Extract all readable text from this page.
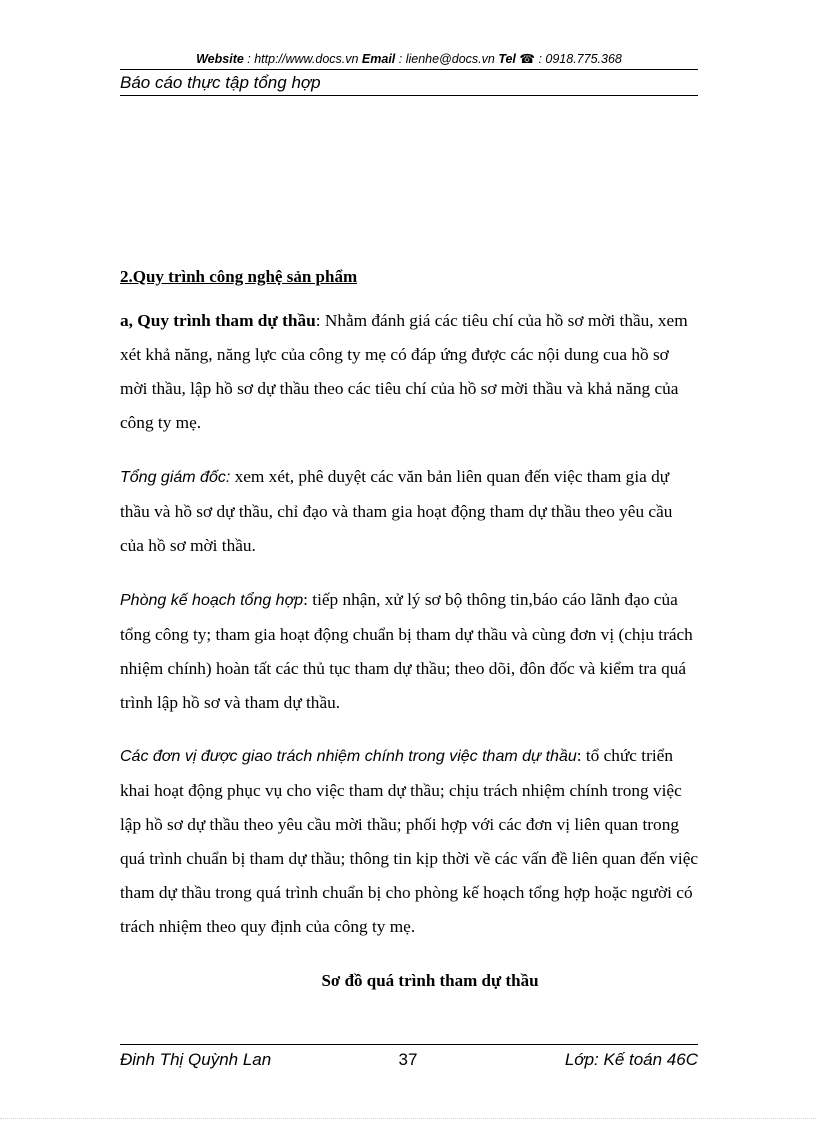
Website : http://www.docs.vn Email : lienhe@docs.vn Tel ☎ : 0918.775.368
Báo cáo thực tập tổng hợp
2.Quy trình công nghệ sản phẩm

a, Quy trình tham dự thầu: Nhằm đánh giá các tiêu chí của hồ sơ mời thầu, xem xét khả năng, năng lực của công ty mẹ có đáp ứng được các nội dung cua hồ sơ mời thầu, lập hồ sơ dự thầu theo các tiêu chí của hồ sơ mời thầu và khả năng của công ty mẹ.

Tổng giám đốc: xem xét, phê duyệt các văn bản liên quan đến việc tham gia dự thầu và hồ sơ dự thầu, chỉ đạo và tham gia hoạt động tham dự thầu theo yêu cầu của hồ sơ mời thầu.

Phòng kế hoạch tổng hợp: tiếp nhận, xử lý sơ bộ thông tin,báo cáo lãnh đạo của tổng công ty; tham gia hoạt động chuẩn bị tham dự thầu và cùng đơn vị (chịu trách nhiệm chính) hoàn tất các thủ tục tham dự thầu; theo dõi, đôn đốc và kiểm tra quá trình lập hồ sơ và tham dự thầu.

Các đơn vị được giao trách nhiệm chính trong việc tham dự thầu: tổ chức triển khai hoạt động phục vụ cho việc tham dự thầu; chịu trách nhiệm chính trong việc lập hồ sơ dự thầu theo yêu cầu mời thầu; phối hợp với các đơn vị liên quan trong quá trình chuẩn bị tham dự thầu; thông tin kịp thời về các vấn đề liên quan đến việc tham dự thầu trong quá trình chuẩn bị cho phòng kế hoạch tổng hợp hoặc người có trách nhiệm theo quy định của công ty mẹ.

Sơ đồ quá trình tham dự thầu
Đinh Thị Quỳnh Lan	37	Lớp: Kế toán 46C
